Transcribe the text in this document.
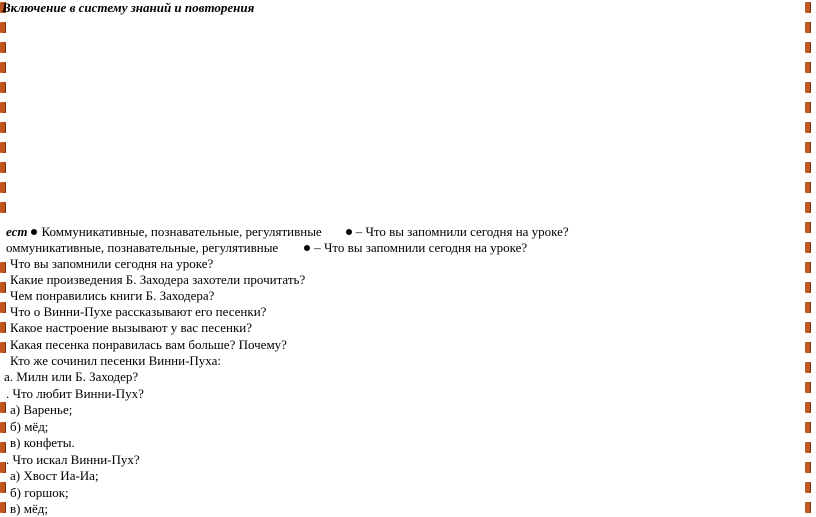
Включение в систему знаний и повторения
ест Коммуникативные, познавательные, регулятивные	– Что вы запомнили сегодня на уроке?
оммуникативные, познавательные, регулятивные	– Что вы запомнили сегодня на уроке?
Что вы запомнили сегодня на уроке?
Какие произведения Б. Заходера захотели прочитать?
Чем понравились книги Б. Заходера?
Что о Винни-Пухе рассказывают его песенки?
Какое настроение вызывают у вас песенки?
Какая песенка понравилась вам больше? Почему?
Кто же сочинил песенки Винни-Пуха:
а. Милн или Б. Заходер?
. Что любит Винни-Пух?
а) Варенье;
б) мёд;
в) конфеты.
. Что искал Винни-Пух?
а) Хвост Иа-Иа;
б) горшок;
в) мёд;
